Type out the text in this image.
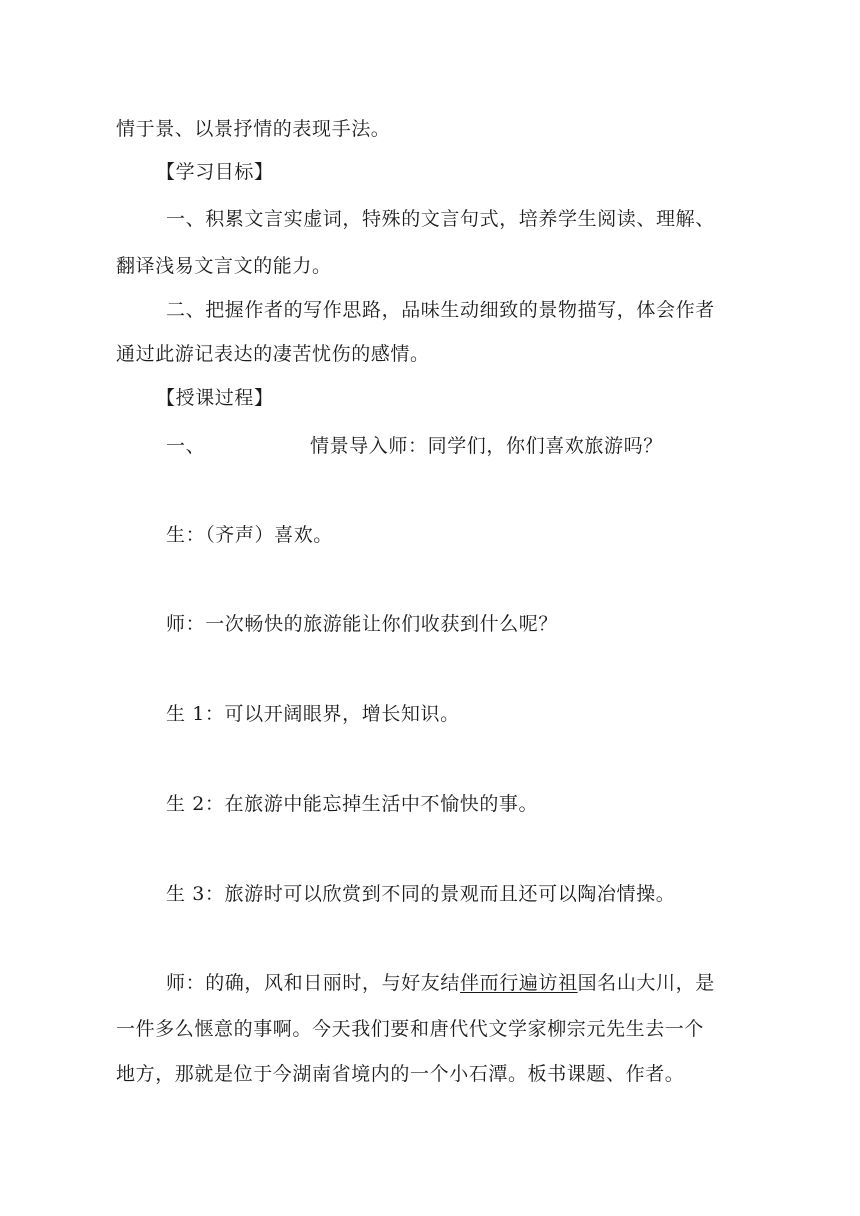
情于景、以景抒情的表现手法。
【学习目标】
一、积累文言实虚词，特殊的文言句式，培养学生阅读、理解、
翻译浅易文言文的能力。
二、把握作者的写作思路，品味生动细致的景物描写，体会作者
通过此游记表达的凄苦忧伤的感情。
【授课过程】
一、	情景导入师：同学们，你们喜欢旅游吗？
生：（齐声）喜欢。
师：一次畅快的旅游能让你们收获到什么呢？
生 1：可以开阔眼界，增长知识。
生 2：在旅游中能忘掉生活中不愉快的事。
生 3：旅游时可以欣赏到不同的景观而且还可以陶冶情操。
师：的确，风和日丽时，与好友结伴而行遍访祖国名山大川，是
一件多么惬意的事啊。今天我们要和唐代代文学家柳宗元先生去一个
地方，那就是位于今湖南省境内的一个小石潭。板书课题、作者。
